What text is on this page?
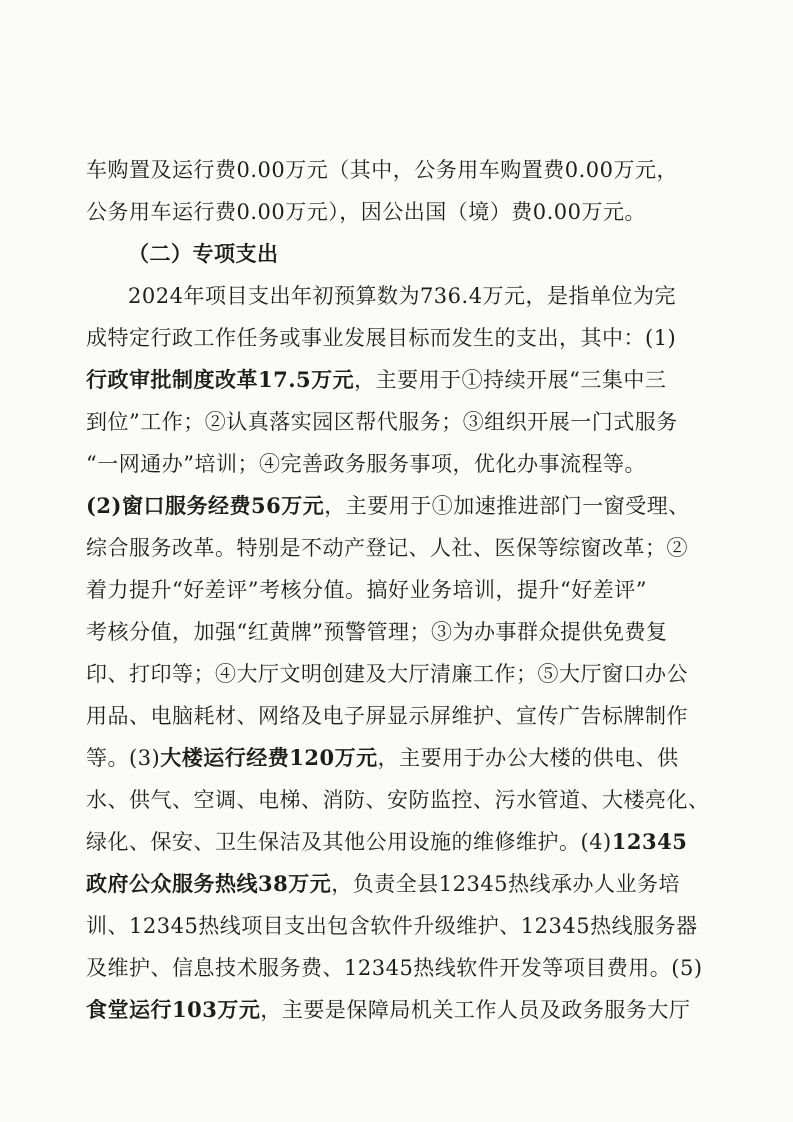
车购置及运行费0.00万元（其中，公务用车购置费0.00万元，
公务用车运行费0.00万元），因公出国（境）费0.00万元。
（二）专项支出
2024年项目支出年初预算数为736.4万元，是指单位为完
成特定行政工作任务或事业发展目标而发生的支出，其中：(1)
行政审批制度改革17.5万元，主要用于①持续开展“三集中三
到位”工作；②认真落实园区帮代服务；③组织开展一门式服务
“一网通办”培训；④完善政务服务事项，优化办事流程等。
(2)窗口服务经费56万元，主要用于①加速推进部门一窗受理、
综合服务改革。特别是不动产登记、人社、医保等综窗改革；②
着力提升“好差评”考核分值。搞好业务培训，提升“好差评”
考核分值，加强“红黄牌”预警管理；③为办事群众提供免费复
印、打印等；④大厅文明创建及大厅清廉工作；⑤大厅窗口办公
用品、电脑耗材、网络及电子屏显示屏维护、宣传广告标牌制作
等。(3)大楼运行经费120万元，主要用于办公大楼的供电、供
水、供气、空调、电梯、消防、安防监控、污水管道、大楼亮化、
绿化、保安、卫生保洁及其他公用设施的维修维护。(4)12345
政府公众服务热线38万元，负责全县12345热线承办人业务培
训、12345热线项目支出包含软件升级维护、12345热线服务器
及维护、信息技术服务费、12345热线软件开发等项目费用。(5)
食堂运行103万元，主要是保障局机关工作人员及政务服务大厅
